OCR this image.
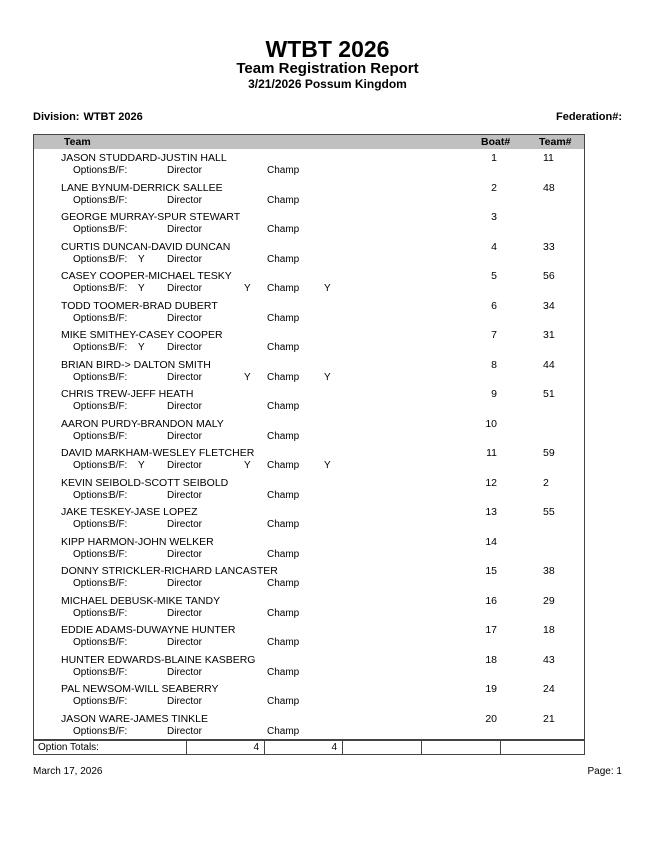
WTBT 2026
Team Registration Report
3/21/2026 Possum Kingdom
Division: WTBT 2026	Federation#:
Team	Boat#	Team#
JASON STUDDARD-JUSTIN HALL	1	11
Options:
B/F:	Director	Champ
LANE BYNUM-DERRICK SALLEE	2	48
Options:
B/F:	Director	Champ
GEORGE MURRAY-SPUR STEWART	3
Options:
B/F:	Director	Champ
CURTIS DUNCAN-DAVID DUNCAN	4	33
Options:
B/F: Y Director	Champ
CASEY COOPER-MICHAEL TESKY	5	56
Options:
B/F: Y Director	Y Champ Y
TODD TOOMER-BRAD DUBERT	6	34
Options:
B/F:	Director	Champ
MIKE SMITHEY-CASEY COOPER	7	31
Options:
B/F: Y Director	Champ
BRIAN BIRD-> DALTON SMITH	8	44
Options:
B/F:	Director	Y Champ Y
CHRIS TREW-JEFF HEATH	9	51
Options:
B/F:	Director	Champ
AARON PURDY-BRANDON MALY	10
Options:
B/F:	Director	Champ
DAVID MARKHAM-WESLEY FLETCHER	11	59
Options:
B/F: Y Director	Y Champ Y
KEVIN SEIBOLD-SCOTT SEIBOLD	12	2
Options:
B/F:	Director	Champ
JAKE TESKEY-JASE LOPEZ	13	55
Options:
B/F:	Director	Champ
KIPP HARMON-JOHN WELKER	14
Options:
B/F:	Director	Champ
DONNY STRICKLER-RICHARD LANCASTER	15	38
Options:
B/F:	Director	Champ
MICHAEL DEBUSK-MIKE TANDY	16	29
Options:
B/F:	Director	Champ
EDDIE ADAMS-DUWAYNE HUNTER	17	18
Options:
B/F:	Director	Champ
HUNTER EDWARDS-BLAINE KASBERG	18	43
Options:
B/F:	Director	Champ
PAL NEWSOM-WILL SEABERRY	19	24
Options:
B/F:	Director	Champ
JASON WARE-JAMES TINKLE	20	21
Options:
B/F:	Director	Champ
Option Totals:	4	4
March 17, 2026	Page: 1
